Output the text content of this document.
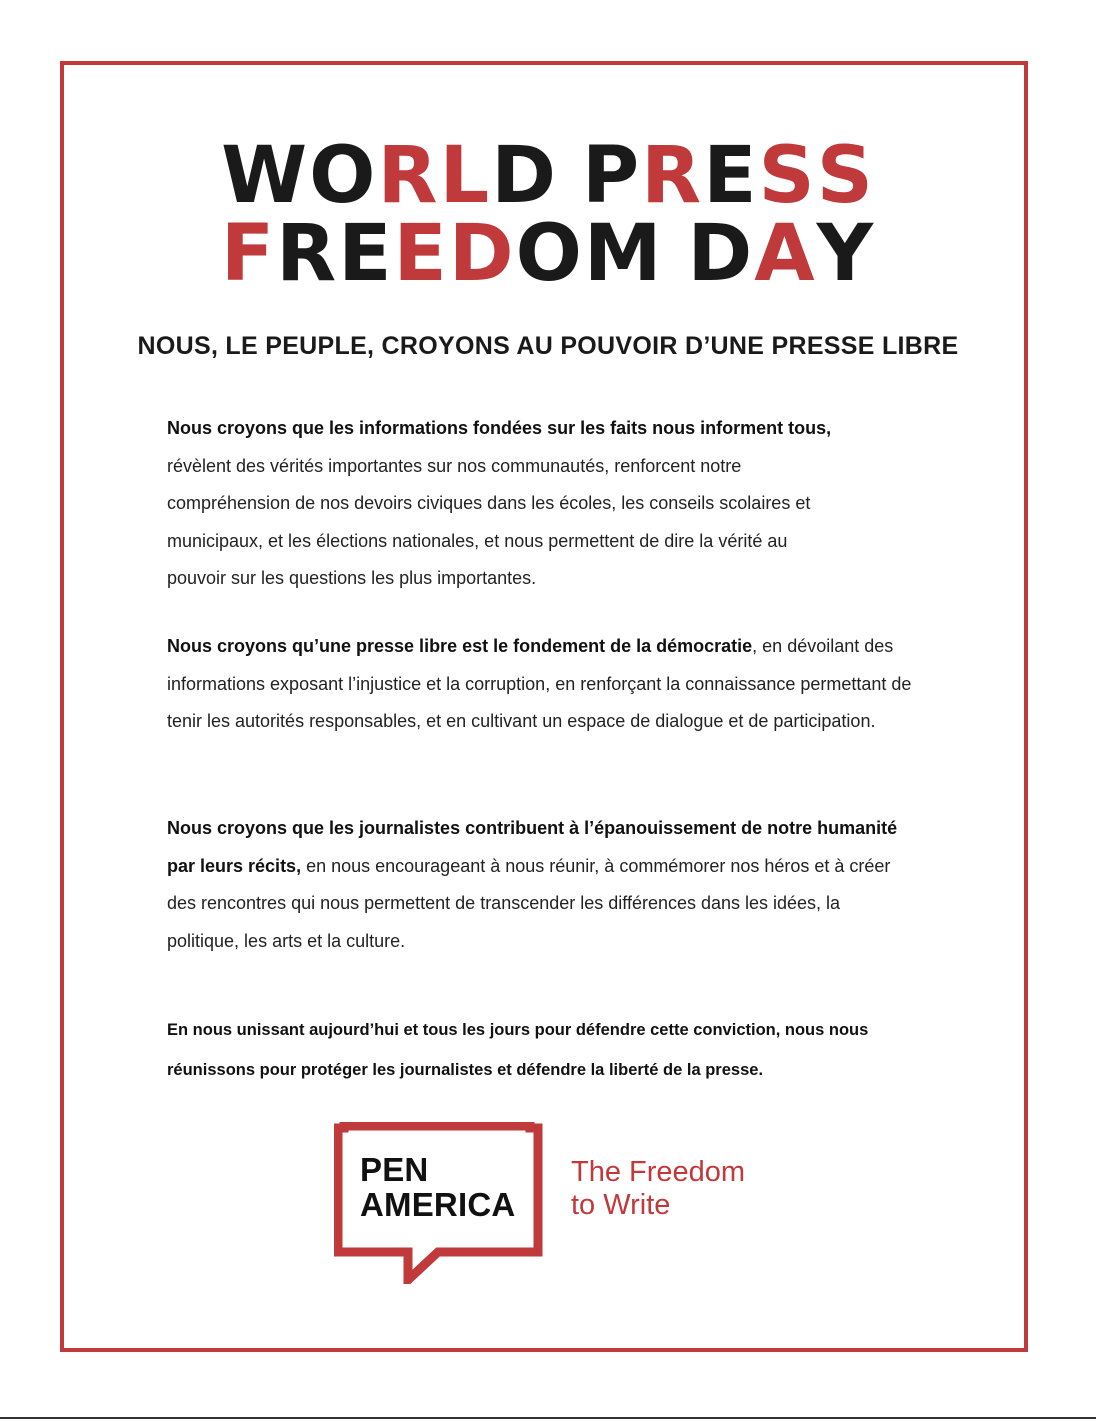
WORLD PRESS
FREEDOM DAY
NOUS, LE PEUPLE, CROYONS AU POUVOIR D’UNE PRESSE LIBRE

Nous croyons que les informations fondées sur les faits nous informent tous, révèlent des vérités importantes sur nos communautés, renforcent notre compréhension de nos devoirs civiques dans les écoles, les conseils scolaires et municipaux, et les élections nationales, et nous permettent de dire la vérité au pouvoir sur les questions les plus importantes.

Nous croyons qu’une presse libre est le fondement de la démocratie, en dévoilant des informations exposant l’injustice et la corruption, en renforçant la connaissance permettant de tenir les autorités responsables, et en cultivant un espace de dialogue et de participation.

Nous croyons que les journalistes contribuent à l’épanouissement de notre humanité par leurs récits, en nous encourageant à nous réunir, à commémorer nos héros et à créer des rencontres qui nous permettent de transcender les différences dans les idées, la politique, les arts et la culture.

En nous unissant aujourd’hui et tous les jours pour défendre cette conviction, nous nous réunissons pour protéger les journalistes et défendre la liberté de la presse.

PEN
AMERICA
The Freedom
to Write
